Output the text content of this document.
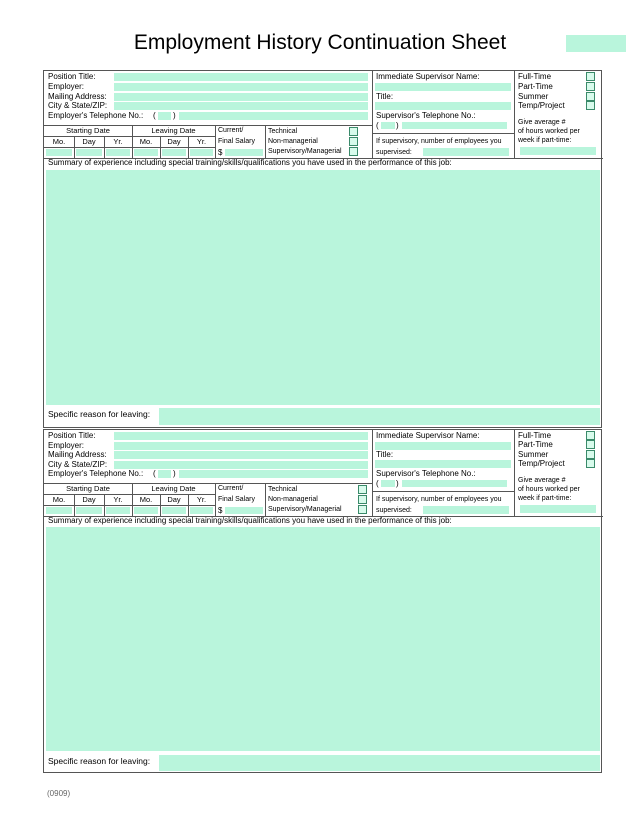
Employment History Continuation Sheet
Position Title:
Employer:
Mailing Address:
City & State/ZIP:
Employer's Telephone No.: ( )
Starting Date	Leaving Date
Mo.	Day	Yr.	Mo.	Day	Yr.
Current/
Final Salary
$
Technical
Non-managerial
Supervisory/Managerial
Immediate Supervisor Name:
Title:
Supervisor's Telephone No.:
( )
If supervisory, number of employees you
supervised:
Full-Time
Part-Time
Summer
Temp/Project
Give average #
of hours worked per
week if part-time:
Summary of experience including special training/skills/qualifications you have used in the performance of this job:
Specific reason for leaving:
Position Title:
Employer:
Mailing Address:
City & State/ZIP:
Employer's Telephone No.: ( )
Starting Date	Leaving Date
Mo.	Day	Yr.	Mo.	Day	Yr.
Current/
Final Salary
$
Technical
Non-managerial
Supervisory/Managerial
Immediate Supervisor Name:
Title:
Supervisor's Telephone No.:
( )
If supervisory, number of employees you
supervised:
Full-Time
Part-Time
Summer
Temp/Project
Give average #
of hours worked per
week if part-time:
Summary of experience including special training/skills/qualifications you have used in the performance of this job:
Specific reason for leaving:
(0909)
